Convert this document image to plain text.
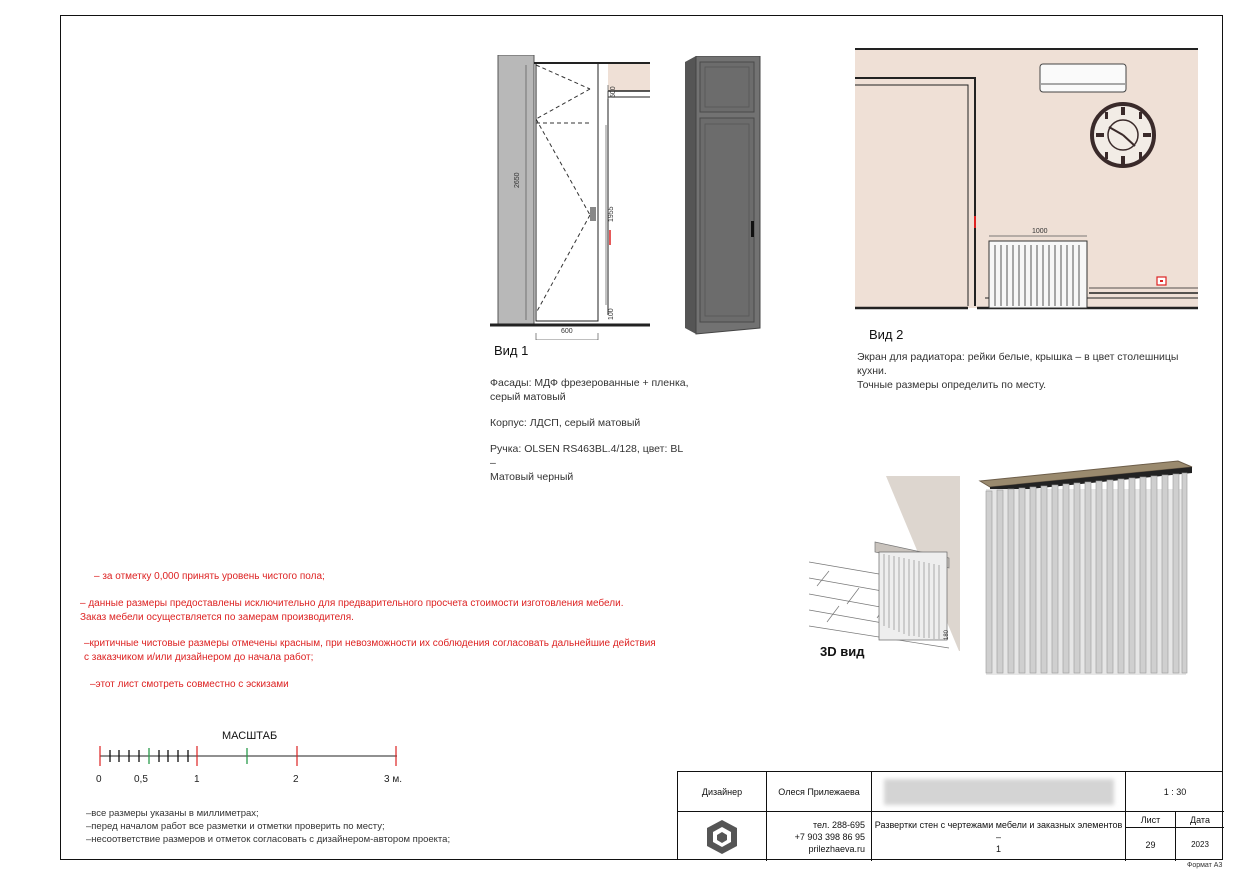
2650
500
1955
100
600
Вид 1
Фасады: МДФ фрезерованные + пленка,
серый матовый
Корпус: ЛДСП, серый матовый
Ручка: OLSEN RS463BL.4/128, цвет: BL –
Матовый черный
1000
Вид 2
Экран для радиатора: рейки белые, крышка – в цвет столешницы кухни.
Точные размеры определить по месту.
180
3D вид
– за отметку 0,000 принять уровень чистого пола;
– данные размеры предоставлены исключительно для предварительного просчета стоимости изготовления мебели.
Заказ мебели осуществляется по замерам производителя.
–критичные чистовые размеры отмечены красным, при невозможности их соблюдения согласовать дальнейшие действия
с заказчиком и/или дизайнером до начала работ;
–этот лист смотреть совместно с эскизами
МАСШТАБ
0	0,5	1	2	3 м.
–все размеры указаны в миллиметрах;
–перед началом работ все разметки и отметки проверить по месту;
–несоответствие размеров и отметок согласовать с дизайнером-автором проекта;
Дизайнер	Олеся Прилежаева	1 : 30
тел. 288-695
+7 903 398 86 95
prilezhaeva.ru
Развертки стен с чертежами мебели и заказных элементов –
1
Лист	Дата
29	2023
Формат А3
